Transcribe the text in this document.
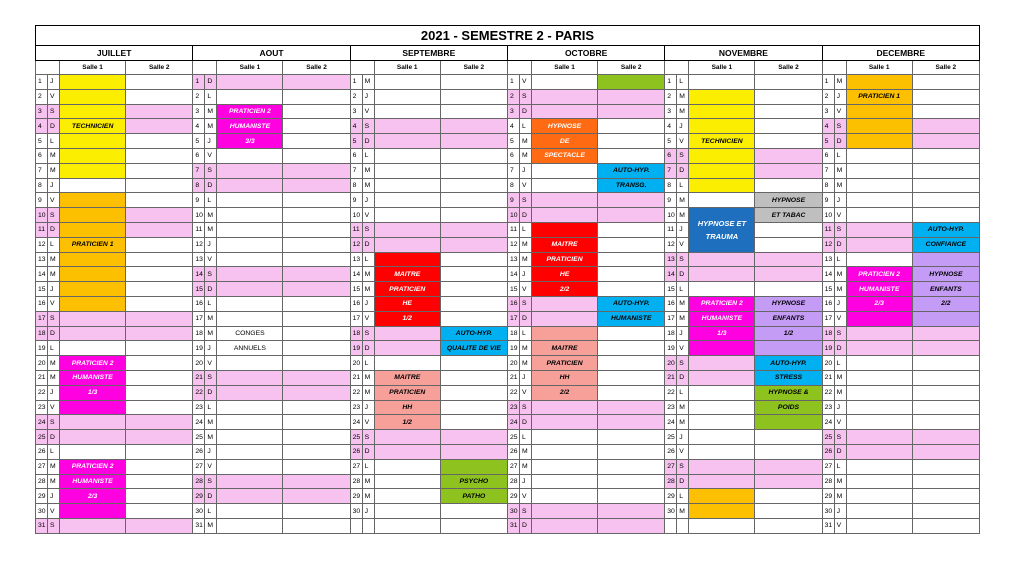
2021 - SEMESTRE 2 - PARIS
JUILLET				AOUT				SEPTEMBRE				OCTOBRE				NOVEMBRE				DECEMBRE			
		Salle 1	Salle 2			Salle 1	Salle 2			Salle 1	Salle 2			Salle 1	Salle 2			Salle 1	Salle 2			Salle 1	Salle 2
1	J			1	D			1	M			1	V			1	L			1	M		
2	V			2	L			2	J			2	S			2	M			2	J	PRATICIEN 1	
3	S			3	M	PRATICIEN 2		3	V			3	D			3	M			3	V		
4	D	TECHNICIEN		4	M	HUMANISTE		4	S			4	L	HYPNOSE		4	J			4	S		
5	L			5	J	3/3		5	D			5	M	DE		5	V	TECHNICIEN		5	D		
6	M			6	V			6	L			6	M	SPECTACLE		6	S			6	L		
7	M			7	S			7	M			7	J		AUTO-HYP.	7	D			7	M		
8	J			8	D			8	M			8	V		TRANSG.	8	L			8	M		
9	V			9	L			9	J			9	S			9	M		HYPNOSE	9	J		
10	S			10	M			10	V			10	D			10	M	HYPNOSE ET TRAUMA	ET TABAC	10	V		
11	D			11	M			11	S			11	L			11	J			11	S		AUTO-HYP.
12	L	PRATICIEN 1		12	J			12	D			12	M	MAITRE		12	V			12	D		CONFIANCE
13	M			13	V			13	L			13	M	PRATICIEN		13	S			13	L		
14	M			14	S			14	M	MAITRE		14	J	HE		14	D			14	M	PRATICIEN 2	HYPNOSE
15	J			15	D			15	M	PRATICIEN		15	V	2/2		15	L			15	M	HUMANISTE	ENFANTS
16	V			16	L			16	J	HE		16	S		AUTO-HYP.	16	M	PRATICIEN 2	HYPNOSE	16	J	2/3	2/2
17	S			17	M			17	V	1/2		17	D		HUMANISTE	17	M	HUMANISTE	ENFANTS	17	V		
18	D			18	M	CONGES		18	S		AUTO-HYP.	18	L			18	J	1/3	1/2	18	S		
19	L			19	J	ANNUELS		19	D		QUALITE DE VIE	19	M	MAITRE		19	V			19	D		
20	M	PRATICIEN 2		20	V			20	L			20	M	PRATICIEN		20	S		AUTO-HYP.	20	L		
21	M	HUMANISTE		21	S			21	M	MAITRE		21	J	HH		21	D		STRESS	21	M		
22	J	1/3		22	D			22	M	PRATICIEN		22	V	2/2		22	L		HYPNOSE &	22	M		
23	V			23	L			23	J	HH		23	S			23	M		POIDS	23	J		
24	S			24	M			24	V	1/2		24	D			24	M			24	V		
25	D			25	M			25	S			25	L			25	J			25	S		
26	L			26	J			26	D			26	M			26	V			26	D		
27	M	PRATICIEN 2		27	V			27	L			27	M			27	S			27	L		
28	M	HUMANISTE		28	S			28	M		PSYCHO	28	J			28	D			28	M		
29	J	2/3		29	D			29	M		PATHO	29	V			29	L			29	M		
30	V			30	L			30	J			30	S			30	M			30	J		
31	S			31	M							31	D							31	V		
